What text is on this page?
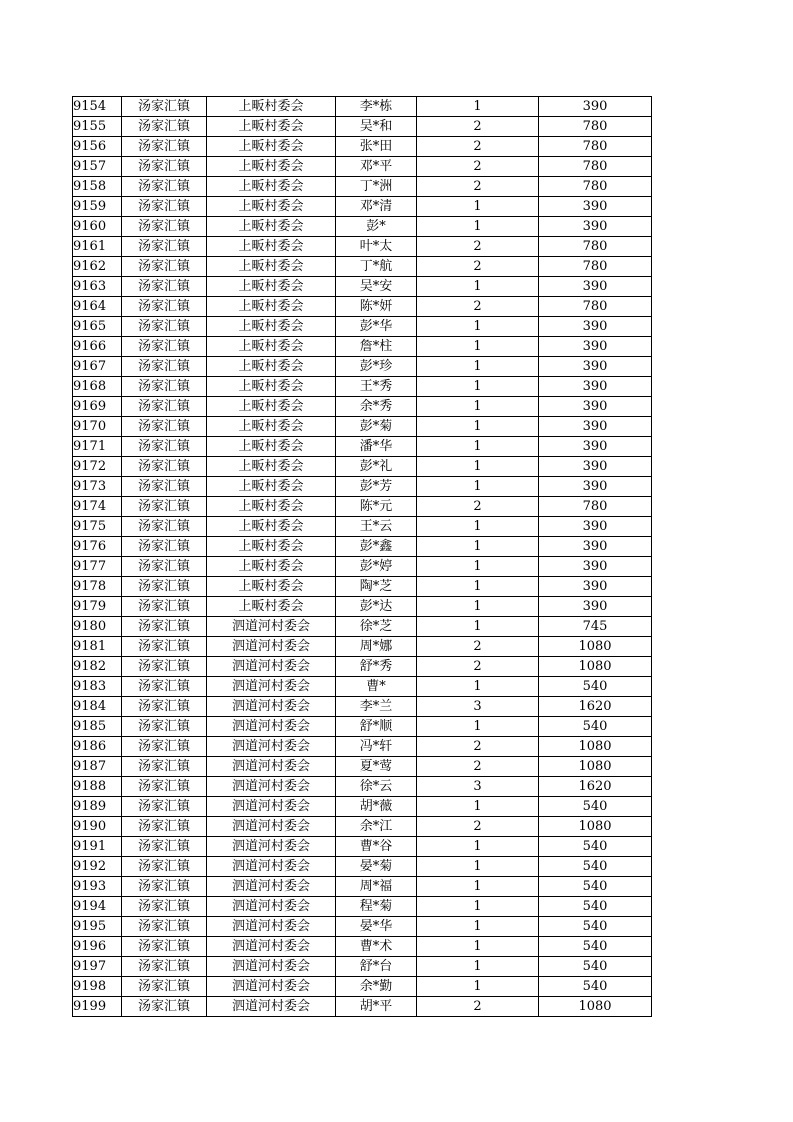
9154	汤家汇镇	上畈村委会	李*栋	1	390
9155	汤家汇镇	上畈村委会	吴*和	2	780
9156	汤家汇镇	上畈村委会	张*田	2	780
9157	汤家汇镇	上畈村委会	邓*平	2	780
9158	汤家汇镇	上畈村委会	丁*洲	2	780
9159	汤家汇镇	上畈村委会	邓*清	1	390
9160	汤家汇镇	上畈村委会	彭*	1	390
9161	汤家汇镇	上畈村委会	叶*太	2	780
9162	汤家汇镇	上畈村委会	丁*航	2	780
9163	汤家汇镇	上畈村委会	吴*安	1	390
9164	汤家汇镇	上畈村委会	陈*妍	2	780
9165	汤家汇镇	上畈村委会	彭*华	1	390
9166	汤家汇镇	上畈村委会	詹*柱	1	390
9167	汤家汇镇	上畈村委会	彭*珍	1	390
9168	汤家汇镇	上畈村委会	王*秀	1	390
9169	汤家汇镇	上畈村委会	余*秀	1	390
9170	汤家汇镇	上畈村委会	彭*菊	1	390
9171	汤家汇镇	上畈村委会	潘*华	1	390
9172	汤家汇镇	上畈村委会	彭*礼	1	390
9173	汤家汇镇	上畈村委会	彭*芳	1	390
9174	汤家汇镇	上畈村委会	陈*元	2	780
9175	汤家汇镇	上畈村委会	王*云	1	390
9176	汤家汇镇	上畈村委会	彭*鑫	1	390
9177	汤家汇镇	上畈村委会	彭*婷	1	390
9178	汤家汇镇	上畈村委会	陶*芝	1	390
9179	汤家汇镇	上畈村委会	彭*达	1	390
9180	汤家汇镇	泗道河村委会	徐*芝	1	745
9181	汤家汇镇	泗道河村委会	周*娜	2	1080
9182	汤家汇镇	泗道河村委会	舒*秀	2	1080
9183	汤家汇镇	泗道河村委会	曹*	1	540
9184	汤家汇镇	泗道河村委会	李*兰	3	1620
9185	汤家汇镇	泗道河村委会	舒*顺	1	540
9186	汤家汇镇	泗道河村委会	冯*轩	2	1080
9187	汤家汇镇	泗道河村委会	夏*莺	2	1080
9188	汤家汇镇	泗道河村委会	徐*云	3	1620
9189	汤家汇镇	泗道河村委会	胡*薇	1	540
9190	汤家汇镇	泗道河村委会	余*江	2	1080
9191	汤家汇镇	泗道河村委会	曹*谷	1	540
9192	汤家汇镇	泗道河村委会	晏*菊	1	540
9193	汤家汇镇	泗道河村委会	周*福	1	540
9194	汤家汇镇	泗道河村委会	程*菊	1	540
9195	汤家汇镇	泗道河村委会	晏*华	1	540
9196	汤家汇镇	泗道河村委会	曹*术	1	540
9197	汤家汇镇	泗道河村委会	舒*台	1	540
9198	汤家汇镇	泗道河村委会	余*勤	1	540
9199	汤家汇镇	泗道河村委会	胡*平	2	1080
